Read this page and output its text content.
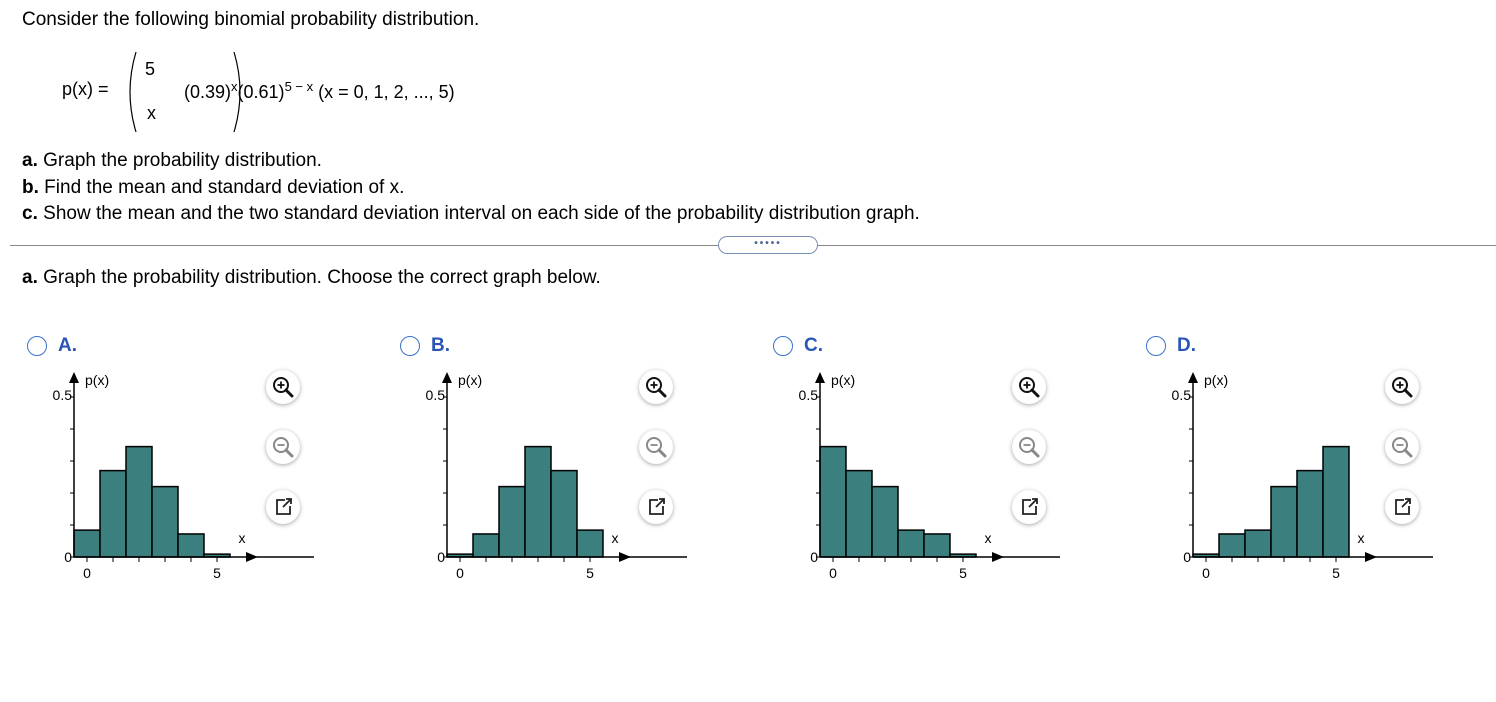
Consider the following binomial probability distribution.
p(x) =
5
x
$(0.39)^x(0.61)^{5 - x}$ (x = 0, 1, 2, ..., 5)
a. Graph the probability distribution.
b. Find the mean and standard deviation of x.
c. Show the mean and the two standard deviation interval on each side of the probability distribution graph.
•••••
a. Graph the probability distribution. Choose the correct graph below.
A.
p(x)
x
0.5
0
0	5
B.
p(x)
x
0.5
0
0	5
C.
p(x)
x
0.5
0
0	5
D.
p(x)
x
0.5
0
0	5
